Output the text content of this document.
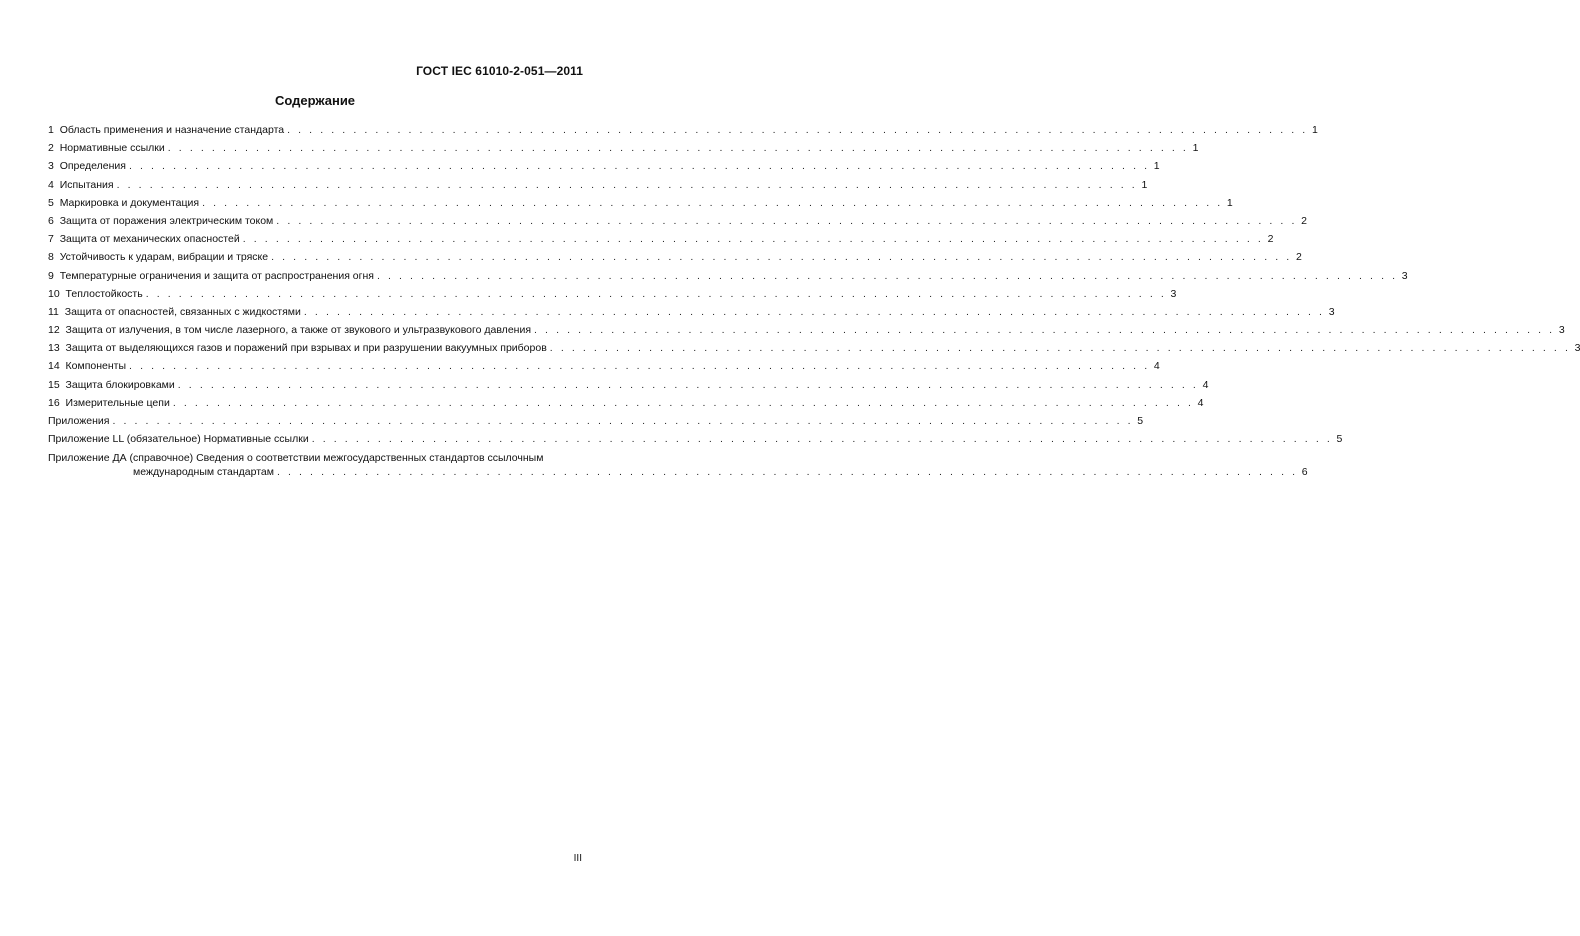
ГОСТ IEC 61010-2-051—2011
Содержание
1 Область применения и назначение стандарта . . . . . . . . . . . . . . . . . . . . . . . . . . . . . . . . . . . . . . . . . . . . . . . . . . . . . . . . . . . . . . . . . . . . . . . . . . . . . . . . . . . . . . . . . . . . . 1
2 Нормативные ссылки . . . . . . . . . . . . . . . . . . . . . . . . . . . . . . . . . . . . . . . . . . . . . . . . . . . . . . . . . . . . . . . . . . . . . . . . . . . . . . . . . . . . . . . . . . . . . 1
3 Определения . . . . . . . . . . . . . . . . . . . . . . . . . . . . . . . . . . . . . . . . . . . . . . . . . . . . . . . . . . . . . . . . . . . . . . . . . . . . . . . . . . . . . . . . . . . . . 1
4 Испытания . . . . . . . . . . . . . . . . . . . . . . . . . . . . . . . . . . . . . . . . . . . . . . . . . . . . . . . . . . . . . . . . . . . . . . . . . . . . . . . . . . . . . . . . . . . . . 1
5 Маркировка и документация . . . . . . . . . . . . . . . . . . . . . . . . . . . . . . . . . . . . . . . . . . . . . . . . . . . . . . . . . . . . . . . . . . . . . . . . . . . . . . . . . . . . . . . . . . . . . 1
6 Защита от поражения электрическим током . . . . . . . . . . . . . . . . . . . . . . . . . . . . . . . . . . . . . . . . . . . . . . . . . . . . . . . . . . . . . . . . . . . . . . . . . . . . . . . . . . . . . . . . . . . . . 2
7 Защита от механических опасностей . . . . . . . . . . . . . . . . . . . . . . . . . . . . . . . . . . . . . . . . . . . . . . . . . . . . . . . . . . . . . . . . . . . . . . . . . . . . . . . . . . . . . . . . . . . . . 2
8 Устойчивость к ударам, вибрации и тряске . . . . . . . . . . . . . . . . . . . . . . . . . . . . . . . . . . . . . . . . . . . . . . . . . . . . . . . . . . . . . . . . . . . . . . . . . . . . . . . . . . . . . . . . . . . . . 2
9 Температурные ограничения и защита от распространения огня . . . . . . . . . . . . . . . . . . . . . . . . . . . . . . . . . . . . . . . . . . . . . . . . . . . . . . . . . . . . . . . . . . . . . . . . . . . . . . . . . . . . . . . . . . . . . 3
10 Теплостойкость . . . . . . . . . . . . . . . . . . . . . . . . . . . . . . . . . . . . . . . . . . . . . . . . . . . . . . . . . . . . . . . . . . . . . . . . . . . . . . . . . . . . . . . . . . . . . 3
11 Защита от опасностей, связанных с жидкостями . . . . . . . . . . . . . . . . . . . . . . . . . . . . . . . . . . . . . . . . . . . . . . . . . . . . . . . . . . . . . . . . . . . . . . . . . . . . . . . . . . . . . . . . . . . . . 3
12 Защита от излучения, в том числе лазерного, а также от звукового и ультразвукового давления . . . . . . . . . . . . . . . . . . . . . . . . . . . . . . . . . . . . . . . . . . . . . . . . . . . . . . . . . . . . . . . . . . . . . . . . . . . . . . . . . . . . . . . . . . . . . 3
13 Защита от выделяющихся газов и поражений при взрывах и при разрушении вакуумных приборов . . . . . . . . . . . . . . . . . . . . . . . . . . . . . . . . . . . . . . . . . . . . . . . . . . . . . . . . . . . . . . . . . . . . . . . . . . . . . . . . . . . . . . . . . . . . . 3
14 Компоненты . . . . . . . . . . . . . . . . . . . . . . . . . . . . . . . . . . . . . . . . . . . . . . . . . . . . . . . . . . . . . . . . . . . . . . . . . . . . . . . . . . . . . . . . . . . . . 4
15 Защита блокировками . . . . . . . . . . . . . . . . . . . . . . . . . . . . . . . . . . . . . . . . . . . . . . . . . . . . . . . . . . . . . . . . . . . . . . . . . . . . . . . . . . . . . . . . . . . . . 4
16 Измерительные цепи . . . . . . . . . . . . . . . . . . . . . . . . . . . . . . . . . . . . . . . . . . . . . . . . . . . . . . . . . . . . . . . . . . . . . . . . . . . . . . . . . . . . . . . . . . . . . 4
Приложения . . . . . . . . . . . . . . . . . . . . . . . . . . . . . . . . . . . . . . . . . . . . . . . . . . . . . . . . . . . . . . . . . . . . . . . . . . . . . . . . . . . . . . . . . . . . . 5
Приложение LL (обязательное) Нормативные ссылки . . . . . . . . . . . . . . . . . . . . . . . . . . . . . . . . . . . . . . . . . . . . . . . . . . . . . . . . . . . . . . . . . . . . . . . . . . . . . . . . . . . . . . . . . . . . . 5
Приложение ДА (справочное) Сведения о соответствии межгосударственных стандартов ссылочным
международным стандартам . . . . . . . . . . . . . . . . . . . . . . . . . . . . . . . . . . . . . . . . . . . . . . . . . . . . . . . . . . . . . . . . . . . . . . . . . . . . . . . . . . . . . . . . . . . . . 6
III
